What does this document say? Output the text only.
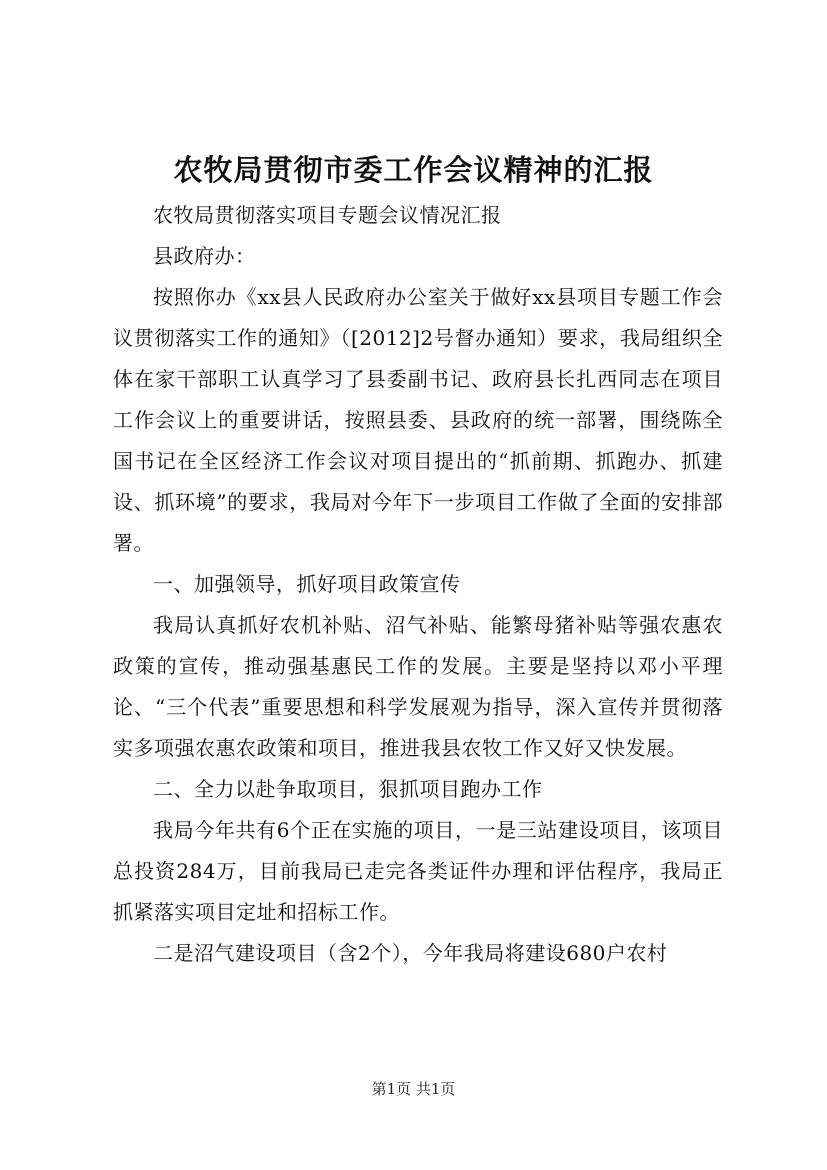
农牧局贯彻市委工作会议精神的汇报

农牧局贯彻落实项目专题会议情况汇报

县政府办：

按照你办《xx县人民政府办公室关于做好xx县项目专题工作会议贯彻落实工作的通知》（[2012]2号督办通知）要求，我局组织全体在家干部职工认真学习了县委副书记、政府县长扎西同志在项目工作会议上的重要讲话，按照县委、县政府的统一部署，围绕陈全国书记在全区经济工作会议对项目提出的“抓前期、抓跑办、抓建设、抓环境”的要求，我局对今年下一步项目工作做了全面的安排部署。

一、加强领导，抓好项目政策宣传

我局认真抓好农机补贴、沼气补贴、能繁母猪补贴等强农惠农政策的宣传，推动强基惠民工作的发展。主要是坚持以邓小平理论、“三个代表”重要思想和科学发展观为指导，深入宣传并贯彻落实多项强农惠农政策和项目，推进我县农牧工作又好又快发展。

二、全力以赴争取项目，狠抓项目跑办工作

我局今年共有6个正在实施的项目，一是三站建设项目，该项目总投资284万，目前我局已走完各类证件办理和评估程序，我局正抓紧落实项目定址和招标工作。

二是沼气建设项目（含2个），今年我局将建设680户农村

第1页 共1页
